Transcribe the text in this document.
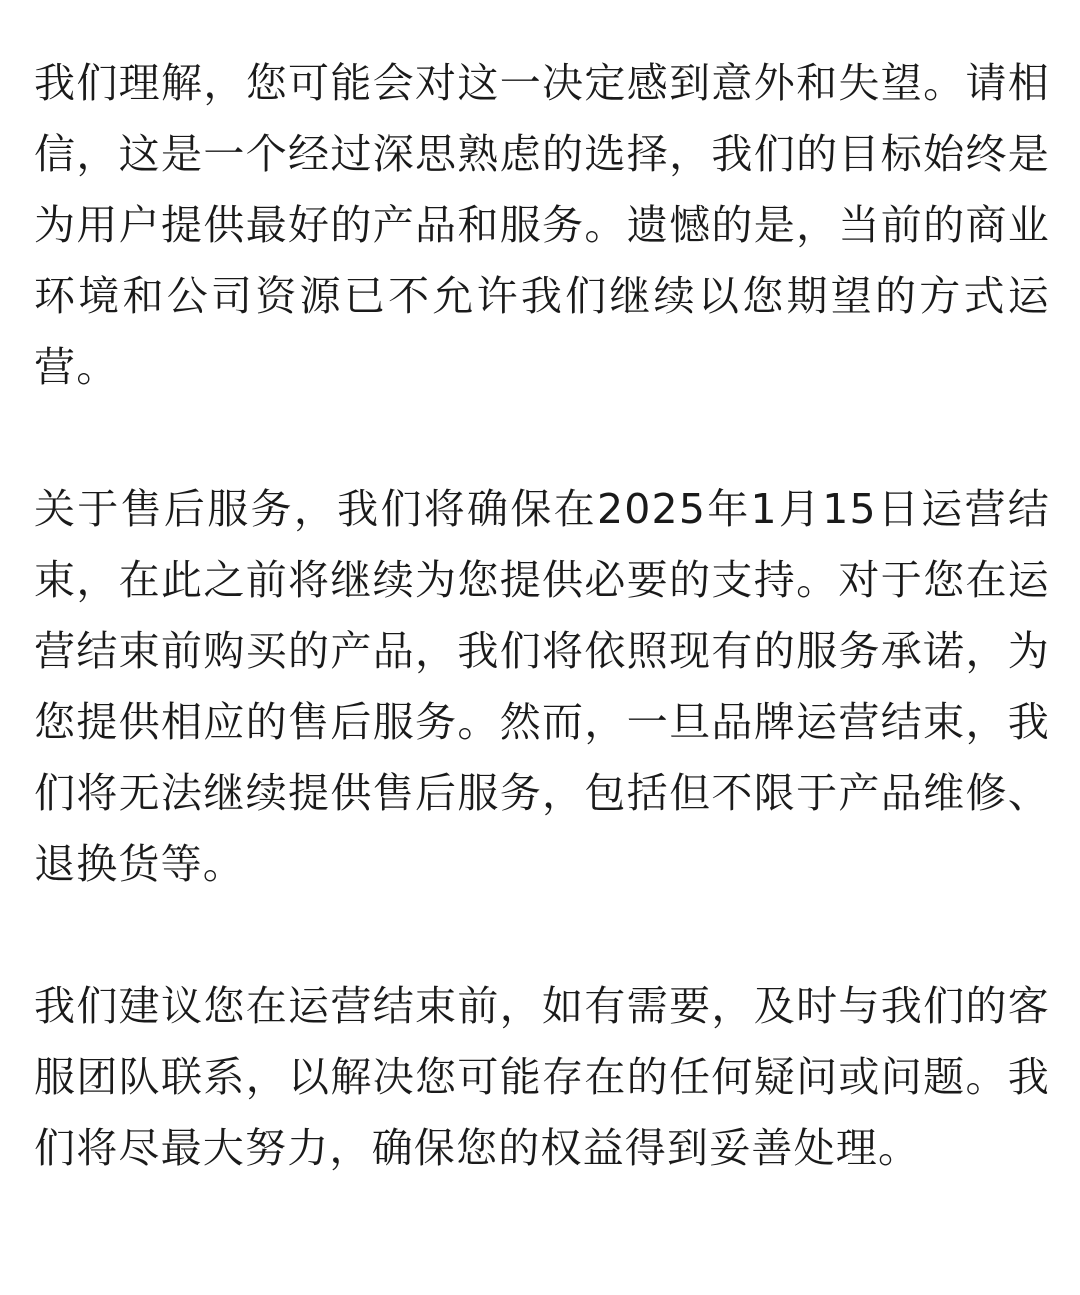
我们理解，您可能会对这一决定感到意外和失望。请相信，这是一个经过深思熟虑的选择，我们的目标始终是为用户提供最好的产品和服务。遗憾的是，当前的商业环境和公司资源已不允许我们继续以您期望的方式运营。

关于售后服务，我们将确保在2025年1月15日运营结束，在此之前将继续为您提供必要的支持。对于您在运营结束前购买的产品，我们将依照现有的服务承诺，为您提供相应的售后服务。然而，一旦品牌运营结束，我们将无法继续提供售后服务，包括但不限于产品维修、退换货等。

我们建议您在运营结束前，如有需要，及时与我们的客服团队联系，以解决您可能存在的任何疑问或问题。我们将尽最大努力，确保您的权益得到妥善处理。
